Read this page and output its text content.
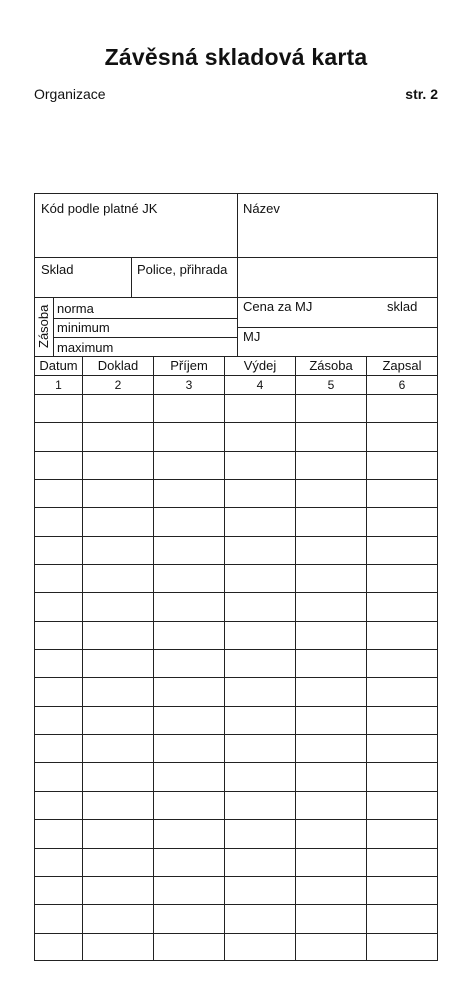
Závěsná skladová karta
Organizace	str. 2
Kód podle platné JK	Název
Sklad	Police, přihrada
Zásoba norma
minimum
maximum
Cena za MJ	sklad
MJ
Datum	Doklad	Příjem	Výdej	Zásoba	Zapsal
1	2	3	4	5	6
